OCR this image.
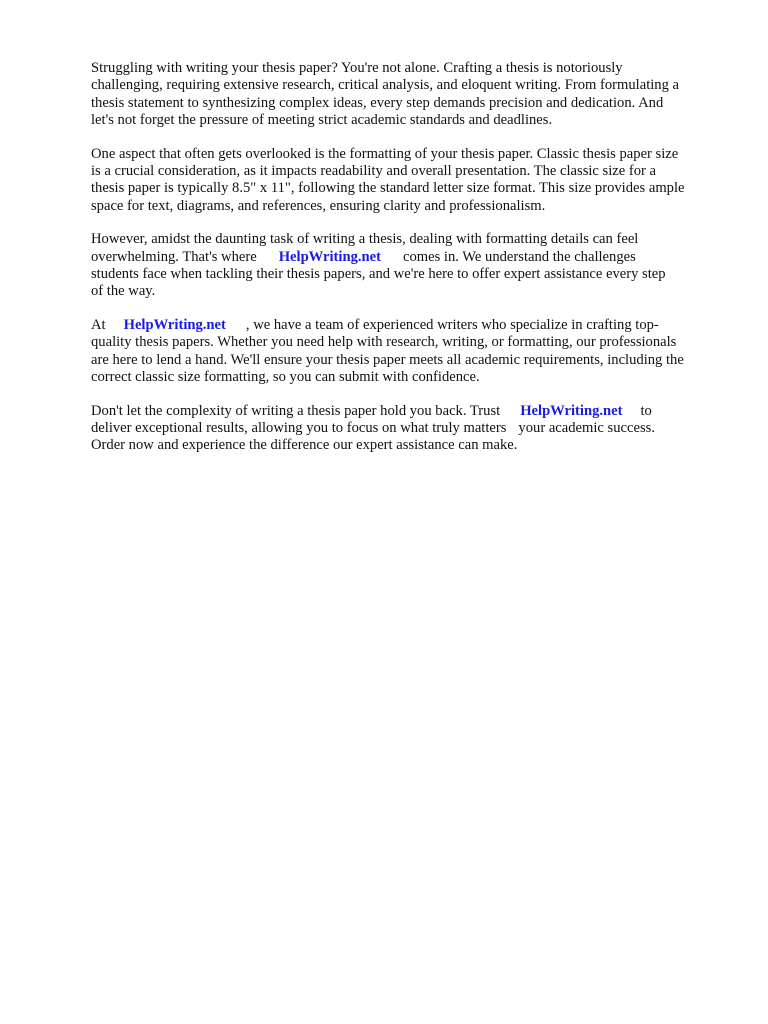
Struggling with writing your thesis paper? You're not alone. Crafting a thesis is notoriously
challenging, requiring extensive research, critical analysis, and eloquent writing. From formulating a
thesis statement to synthesizing complex ideas, every step demands precision and dedication. And
let's not forget the pressure of meeting strict academic standards and deadlines.

One aspect that often gets overlooked is the formatting of your thesis paper. Classic thesis paper size
is a crucial consideration, as it impacts readability and overall presentation. The classic size for a
thesis paper is typically 8.5" x 11", following the standard letter size format. This size provides ample
space for text, diagrams, and references, ensuring clarity and professionalism.

However, amidst the daunting task of writing a thesis, dealing with formatting details can feel
overwhelming. That's where HelpWriting.net comes in. We understand the challenges
students face when tackling their thesis papers, and we're here to offer expert assistance every step
of the way.

At HelpWriting.net , we have a team of experienced writers who specialize in crafting top-
quality thesis papers. Whether you need help with research, writing, or formatting, our professionals
are here to lend a hand. We'll ensure your thesis paper meets all academic requirements, including the
correct classic size formatting, so you can submit with confidence.

Don't let the complexity of writing a thesis paper hold you back. Trust HelpWriting.net to
deliver exceptional results, allowing you to focus on what truly matters your academic success.
Order now and experience the difference our expert assistance can make.
